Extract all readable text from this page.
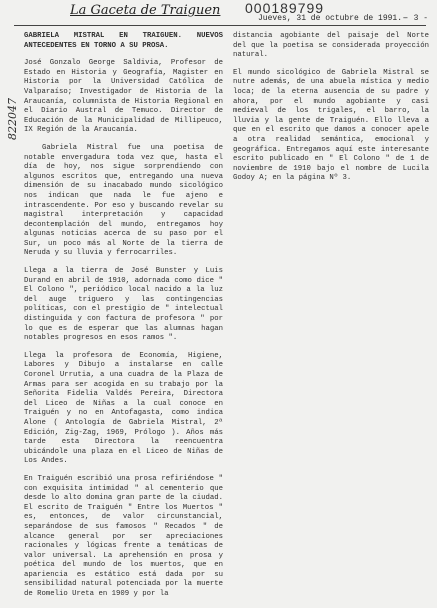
La Gaceta de Traiguen	000189799
Jueves, 31 de octubre de 1991.-
- 3 -
822047
GABRIELA MISTRAL EN TRAIGUEN. NUEVOS ANTECEDENTES EN TORNO A SU PROSA.

José Gonzalo George Saldivia, Profesor de Estado en Historia y Geografía, Magister en Historia por la Universidad Católica de Valparaíso; Investigador de Historia de la Araucanía, columnista de Historia Regional en el Diario Austral de Temuco. Director de Educación de la Municipalidad de Millipeuco, IX Región de la Araucanía.

Gabriela Mistral fue una poetisa de notable envergadura toda vez que, hasta el día de hoy, nos sigue sorprendiendo con algunos escritos que, entregando una nueva dimensión de su inacabado mundo sicológico nos indican que nada le fue ajeno e intrascendente. Por eso y buscando revelar su magistral interpretación y capacidad decontemplación del mundo, entregamos hoy algunas noticias acerca de su paso por el Sur, un poco más al Norte de la tierra de Neruda y su lluvia y ferrocarriles.

Llega a la tierra de José Bunster y Luis Durand en abril de 1910, adornada como dice " El Colono ", periódico local nacido a la luz del auge triguero y las contingencias políticas, con el prestigio de " intelectual distinguida y con factura de profesora " por lo que es de esperar que las alumnas hagan notables progresos en esos ramos ".

Llega la profesora de Economía, Higiene, Labores y Dibujo a instalarse en calle Coronel Urrutia, a una cuadra de la Plaza de Armas para ser acogida en su trabajo por la Señorita Fidelia Valdés Pereira, Directora del Liceo de Niñas a la cual conoce en Traiguén y no en Antofagasta, como indica Alone ( Antología de Gabriela Mistral, 2ª Edición, Zig-Zag, 1969, Prólogo ). Años más tarde esta Directora la reencuentra ubicándole una plaza en el Liceo de Niñas de Los Andes.

En Traiguén escribió una prosa refiriéndose " con exquisita intimidad " al cementerio que desde lo alto domina gran parte de la ciudad. El escrito de Traiguén " Entre los Muertos " es, entonces, de valor circunstancial, separándose de sus famosos " Recados " de alcance general por ser apreciaciones racionales y lógicas frente a temáticas de valor universal. La aprehensión en prosa y poética del mundo de los muertos, que en apariencia es estático está dada por su sensibilidad natural potenciada por la muerte de Romelio Ureta en 1909 y por la

distancia agobiante del paisaje del Norte del que la poetisa se considerada proyección natural.

El mundo sicológico de Gabriela Mistral se nutre además, de una abuela mística y medio loca; de la eterna ausencia de su padre y ahora, por el mundo agobiante y casi medieval de los trigales, el barro, la lluvia y la gente de Traiguén. Ello lleva a que en el escrito que damos a conocer apele a otra realidad semántica, emocional y geográfica. Entregamos aquí este interesante escrito publicado en " El Colono " de 1 de noviembre de 1910 bajo el nombre de Lucila Godoy A; en la página Nº 3.
